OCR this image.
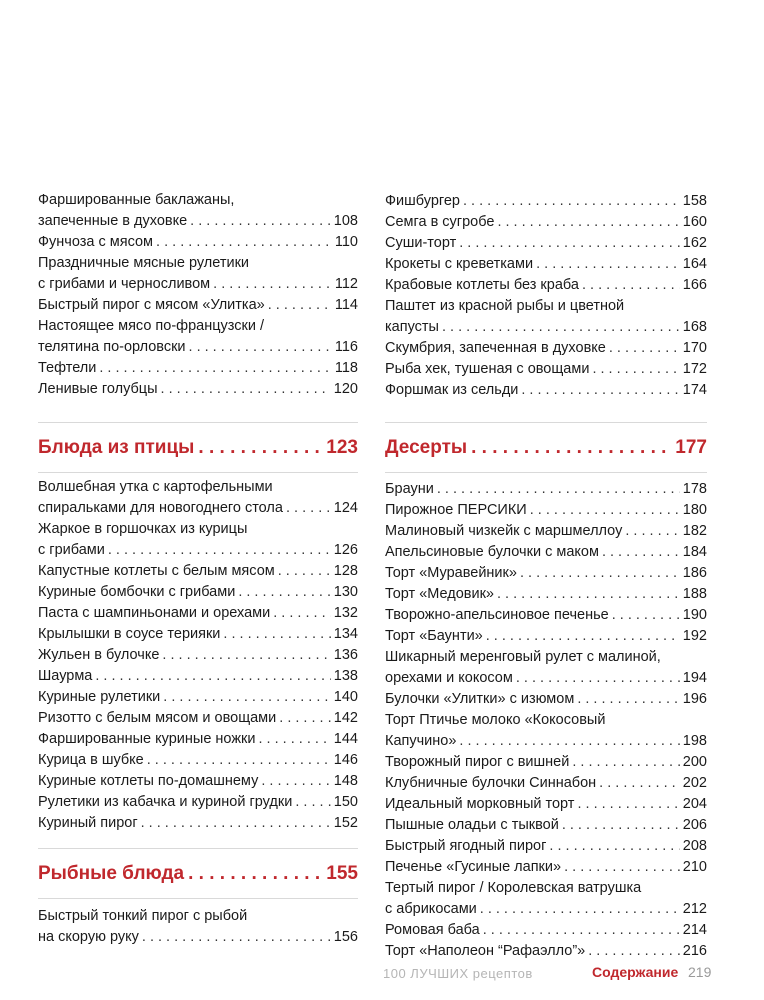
Фаршированные баклажаны,
запеченные в духовке . . .	108
Фунчоза с мясом . . .	110
Праздничные мясные рулетики
с грибами и черносливом . . .	112
Быстрый пирог с мясом «Улитка» . . .	114
Настоящее мясо по-французски /
телятина по-орловски . . .	116
Тефтели . . .	118
Ленивые голубцы . . .	120
Блюда из птицы . . .	123
Волшебная утка с картофельными
спиральками для новогоднего стола . . .	124
Жаркое в горшочках из курицы
с грибами . . .	126
Капустные котлеты с белым мясом . . .	128
Куриные бомбочки с грибами . . .	130
Паста с шампиньонами и орехами . . .	132
Крылышки в соусе терияки . . .	134
Жульен в булочке . . .	136
Шаурма . . .	138
Куриные рулетики . . .	140
Ризотто с белым мясом и овощами . . .	142
Фаршированные куриные ножки . . .	144
Курица в шубке . . .	146
Куриные котлеты по-домашнему . . .	148
Рулетики из кабачка и куриной грудки . . .	150
Куриный пирог . . .	152
Рыбные блюда . . .	155
Быстрый тонкий пирог с рыбой
на скорую руку . . .	156
Фишбургер . . .	158
Семга в сугробе . . .	160
Суши-торт . . .	162
Крокеты с креветками . . .	164
Крабовые котлеты без краба . . .	166
Паштет из красной рыбы и цветной
капусты . . .	168
Скумбрия, запеченная в духовке . . .	170
Рыба хек, тушеная с овощами . . .	172
Форшмак из сельди . . .	174
Десерты . . .	177
Брауни . . .	178
Пирожное ПЕРСИКИ . . .	180
Малиновый чизкейк с маршмеллоу . . .	182
Апельсиновые булочки с маком . . .	184
Торт «Муравейник» . . .	186
Торт «Медовик» . . .	188
Творожно-апельсиновое печенье . . .	190
Торт «Баунти» . . .	192
Шикарный меренговый рулет с малиной,
орехами и кокосом . . .	194
Булочки «Улитки» с изюмом . . .	196
Торт Птичье молоко «Кокосовый
Капучино» . . .	198
Творожный пирог с вишней . . .	200
Клубничные булочки Синнабон . . .	202
Идеальный морковный торт . . .	204
Пышные оладьи с тыквой . . .	206
Быстрый ягодный пирог . . .	208
Печенье «Гусиные лапки» . . .	210
Тертый пирог / Королевская ватрушка
с абрикосами . . .	212
Ромовая баба . . .	214
Торт «Наполеон “Рафаэлло”» . . .	216
100 ЛУЧШИХ рецептов	Содержание 219
